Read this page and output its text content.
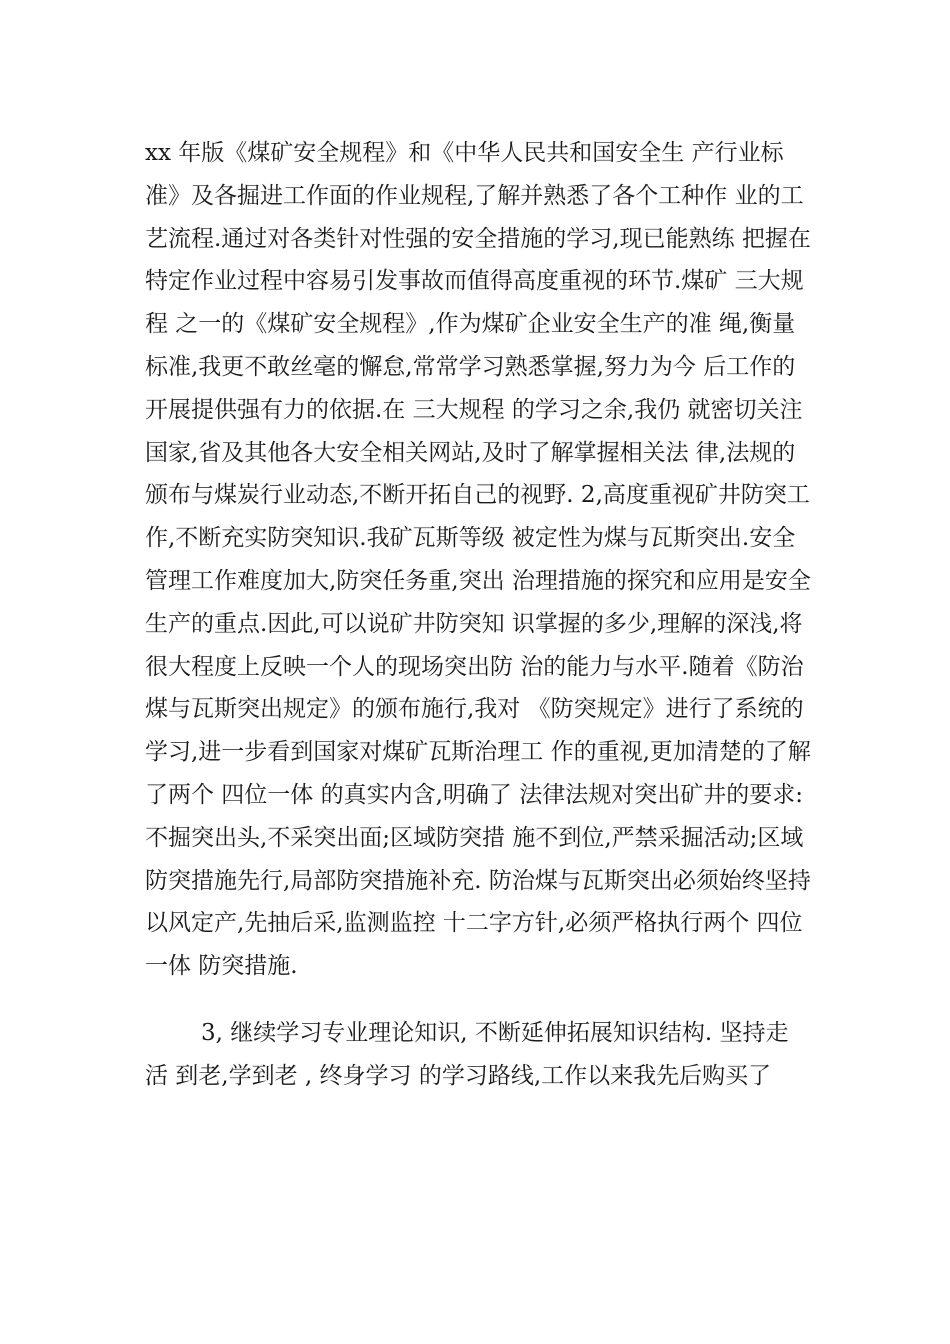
xx 年版《煤矿安全规程》和《中华人民共和国安全生 产行业标
准》及各掘进工作面的作业规程,了解并熟悉了各个工种作 业的工
艺流程.通过对各类针对性强的安全措施的学习,现已能熟练 把握在
特定作业过程中容易引发事故而值得高度重视的环节.煤矿 三大规
程 之一的《煤矿安全规程》,作为煤矿企业安全生产的准 绳,衡量
标准,我更不敢丝毫的懈怠,常常学习熟悉掌握,努力为今 后工作的
开展提供强有力的依据.在 三大规程 的学习之余,我仍 就密切关注
国家,省及其他各大安全相关网站,及时了解掌握相关法 律,法规的
颁布与煤炭行业动态,不断开拓自己的视野. 2,高度重视矿井防突工
作,不断充实防突知识.我矿瓦斯等级 被定性为煤与瓦斯突出.安全
管理工作难度加大,防突任务重,突出 治理措施的探究和应用是安全
生产的重点.因此,可以说矿井防突知 识掌握的多少,理解的深浅,将
很大程度上反映一个人的现场突出防 治的能力与水平.随着《防治
煤与瓦斯突出规定》的颁布施行,我对 《防突规定》进行了系统的
学习,进一步看到国家对煤矿瓦斯治理工 作的重视,更加清楚的了解
了两个 四位一体 的真实内含,明确了 法律法规对突出矿井的要求:
不掘突出头,不采突出面;区域防突措 施不到位,严禁采掘活动;区域
防突措施先行,局部防突措施补充. 防治煤与瓦斯突出必须始终坚持
以风定产,先抽后采,监测监控 十二字方针,必须严格执行两个 四位
一体 防突措施.
3, 继续学习专业理论知识, 不断延伸拓展知识结构. 坚持走
活 到老,学到老 , 终身学习 的学习路线,工作以来我先后购买了
